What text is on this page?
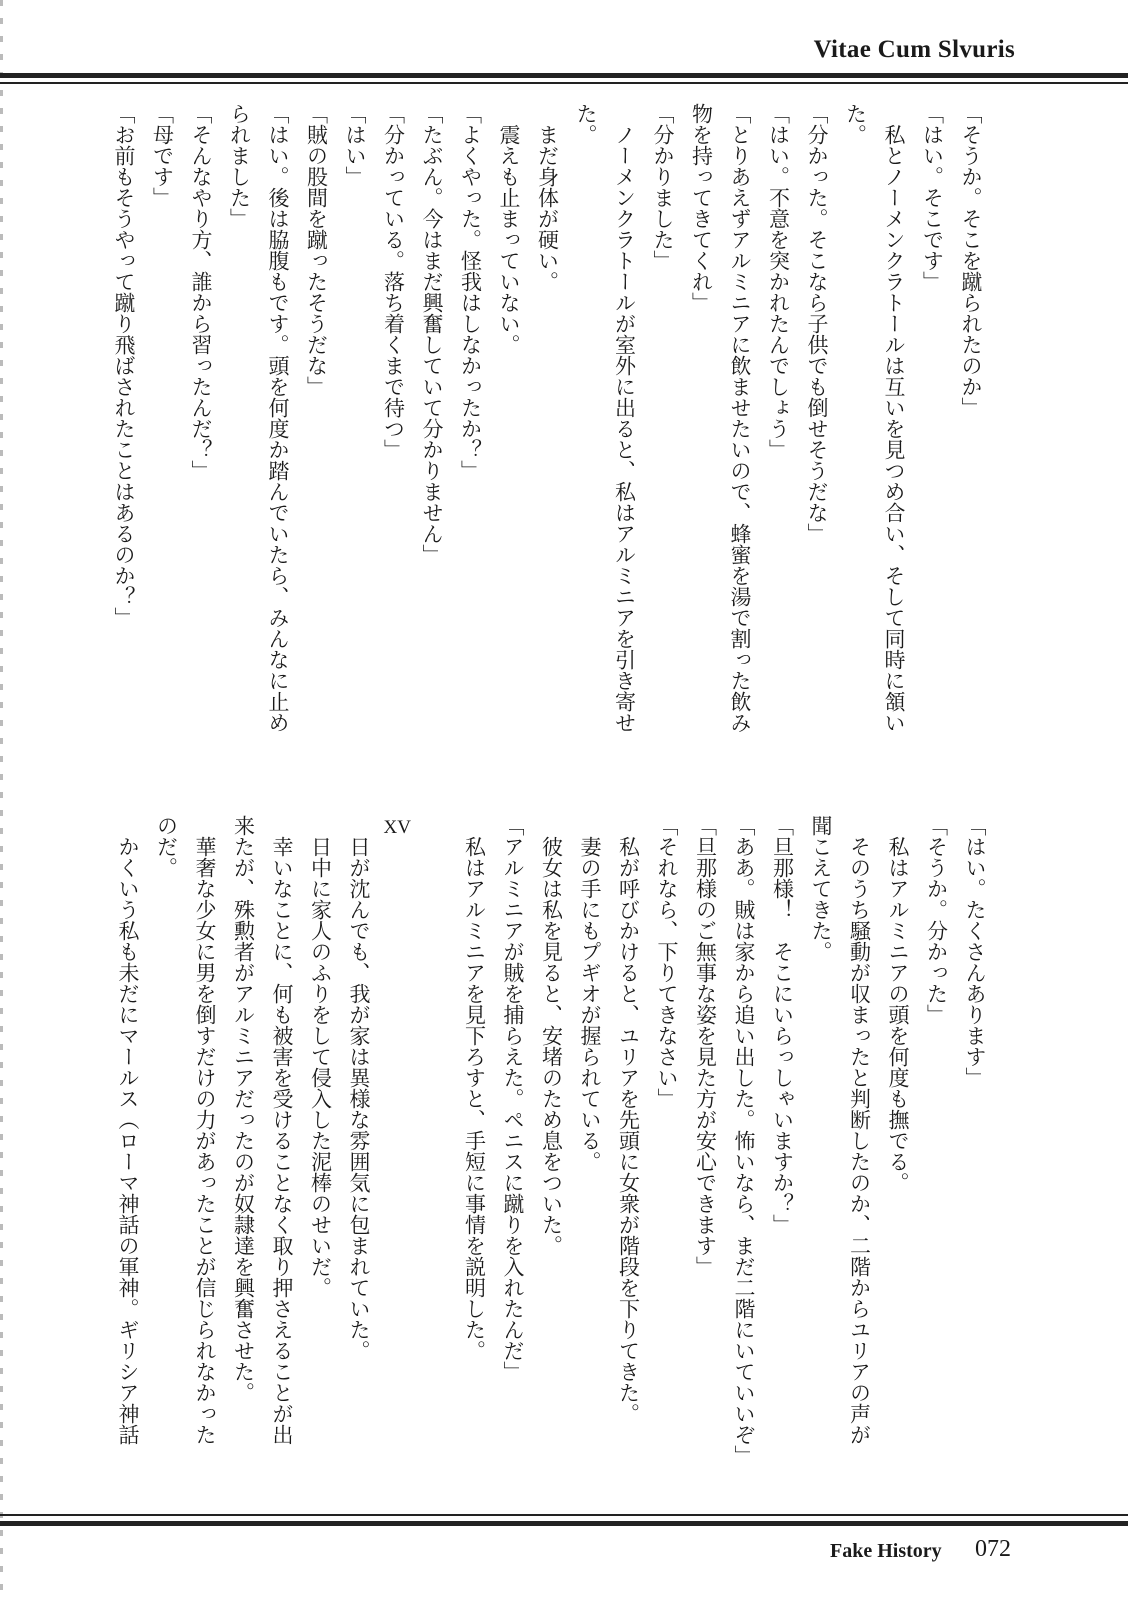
Vitae Cum Slvuris
「そうか。そこを蹴られたのか」
「はい。そこです」
　私とノーメンクラトールは互いを見つめ合い、そして同時に頷い
た。
「分かった。そこなら子供でも倒せそうだな」
「はい。不意を突かれたんでしょう」
「とりあえずアルミニアに飲ませたいので、蜂蜜を湯で割った飲み
物を持ってきてくれ」
「分かりました」
　ノーメンクラトールが室外に出ると、私はアルミニアを引き寄せ
た。
　まだ身体が硬い。
　震えも止まっていない。
「よくやった。怪我はしなかったか？」
「たぶん。今はまだ興奮していて分かりません」
「分かっている。落ち着くまで待つ」
「はい」
「賊の股間を蹴ったそうだな」
「はい。後は脇腹もです。頭を何度か踏んでいたら、みんなに止め
られました」
「そんなやり方、誰から習ったんだ？」
「母です」
「お前もそうやって蹴り飛ばされたことはあるのか？」
「はい。たくさんあります」
「そうか。分かった」
　私はアルミニアの頭を何度も撫でる。
　そのうち騒動が収まったと判断したのか、二階からユリアの声が
聞こえてきた。
「旦那様！　そこにいらっしゃいますか？」
「ああ。賊は家から追い出した。怖いなら、まだ二階にいていいぞ」
「旦那様のご無事な姿を見た方が安心できます」
「それなら、下りてきなさい」
　私が呼びかけると、ユリアを先頭に女衆が階段を下りてきた。
　妻の手にもプギオが握られている。
　彼女は私を見ると、安堵のため息をついた。
「アルミニアが賊を捕らえた。ペニスに蹴りを入れたんだ」
　私はアルミニアを見下ろすと、手短に事情を説明した。

XV
　日が沈んでも、我が家は異様な雰囲気に包まれていた。
　日中に家人のふりをして侵入した泥棒のせいだ。
　幸いなことに、何も被害を受けることなく取り押さえることが出
来たが、殊勲者がアルミニアだったのが奴隷達を興奮させた。
　華奢な少女に男を倒すだけの力があったことが信じられなかった
のだ。
　かくいう私も未だにマールス（ローマ神話の軍神。ギリシア神話
Fake History 072
